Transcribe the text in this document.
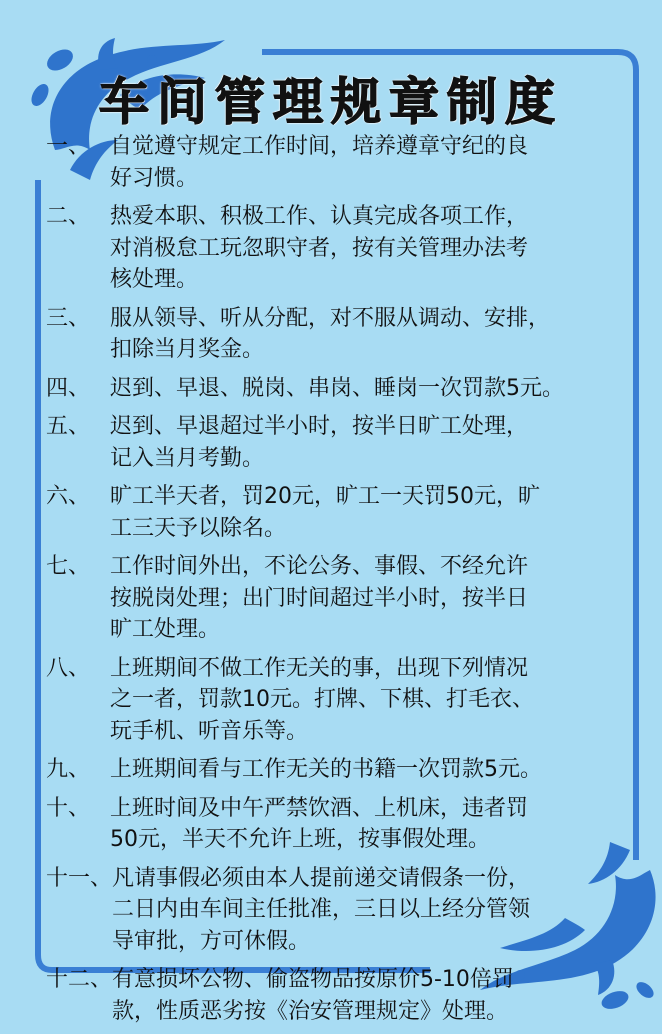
车间管理规章制度
一、 自觉遵守规定工作时间，培养遵章守纪的良
好习惯。
二、 热爱本职、积极工作、认真完成各项工作，
对消极怠工玩忽职守者，按有关管理办法考
核处理。
三、 服从领导、听从分配，对不服从调动、安排，
扣除当月奖金。
四、 迟到、早退、脱岗、串岗、睡岗一次罚款5元。
五、 迟到、早退超过半小时，按半日旷工处理，
记入当月考勤。
六、 旷工半天者，罚20元，旷工一天罚50元，旷
工三天予以除名。
七、 工作时间外出，不论公务、事假、不经允许
按脱岗处理；出门时间超过半小时，按半日
旷工处理。
八、 上班期间不做工作无关的事，出现下列情况
之一者，罚款10元。打牌、下棋、打毛衣、
玩手机、听音乐等。
九、 上班期间看与工作无关的书籍一次罚款5元。
十、 上班时间及中午严禁饮酒、上机床，违者罚
50元，半天不允许上班，按事假处理。
十一、 凡请事假必须由本人提前递交请假条一份，
二日内由车间主任批准，三日以上经分管领
导审批，方可休假。
十二、 有意损坏公物、偷盗物品按原价5-10倍罚
款，性质恶劣按《治安管理规定》处理。
